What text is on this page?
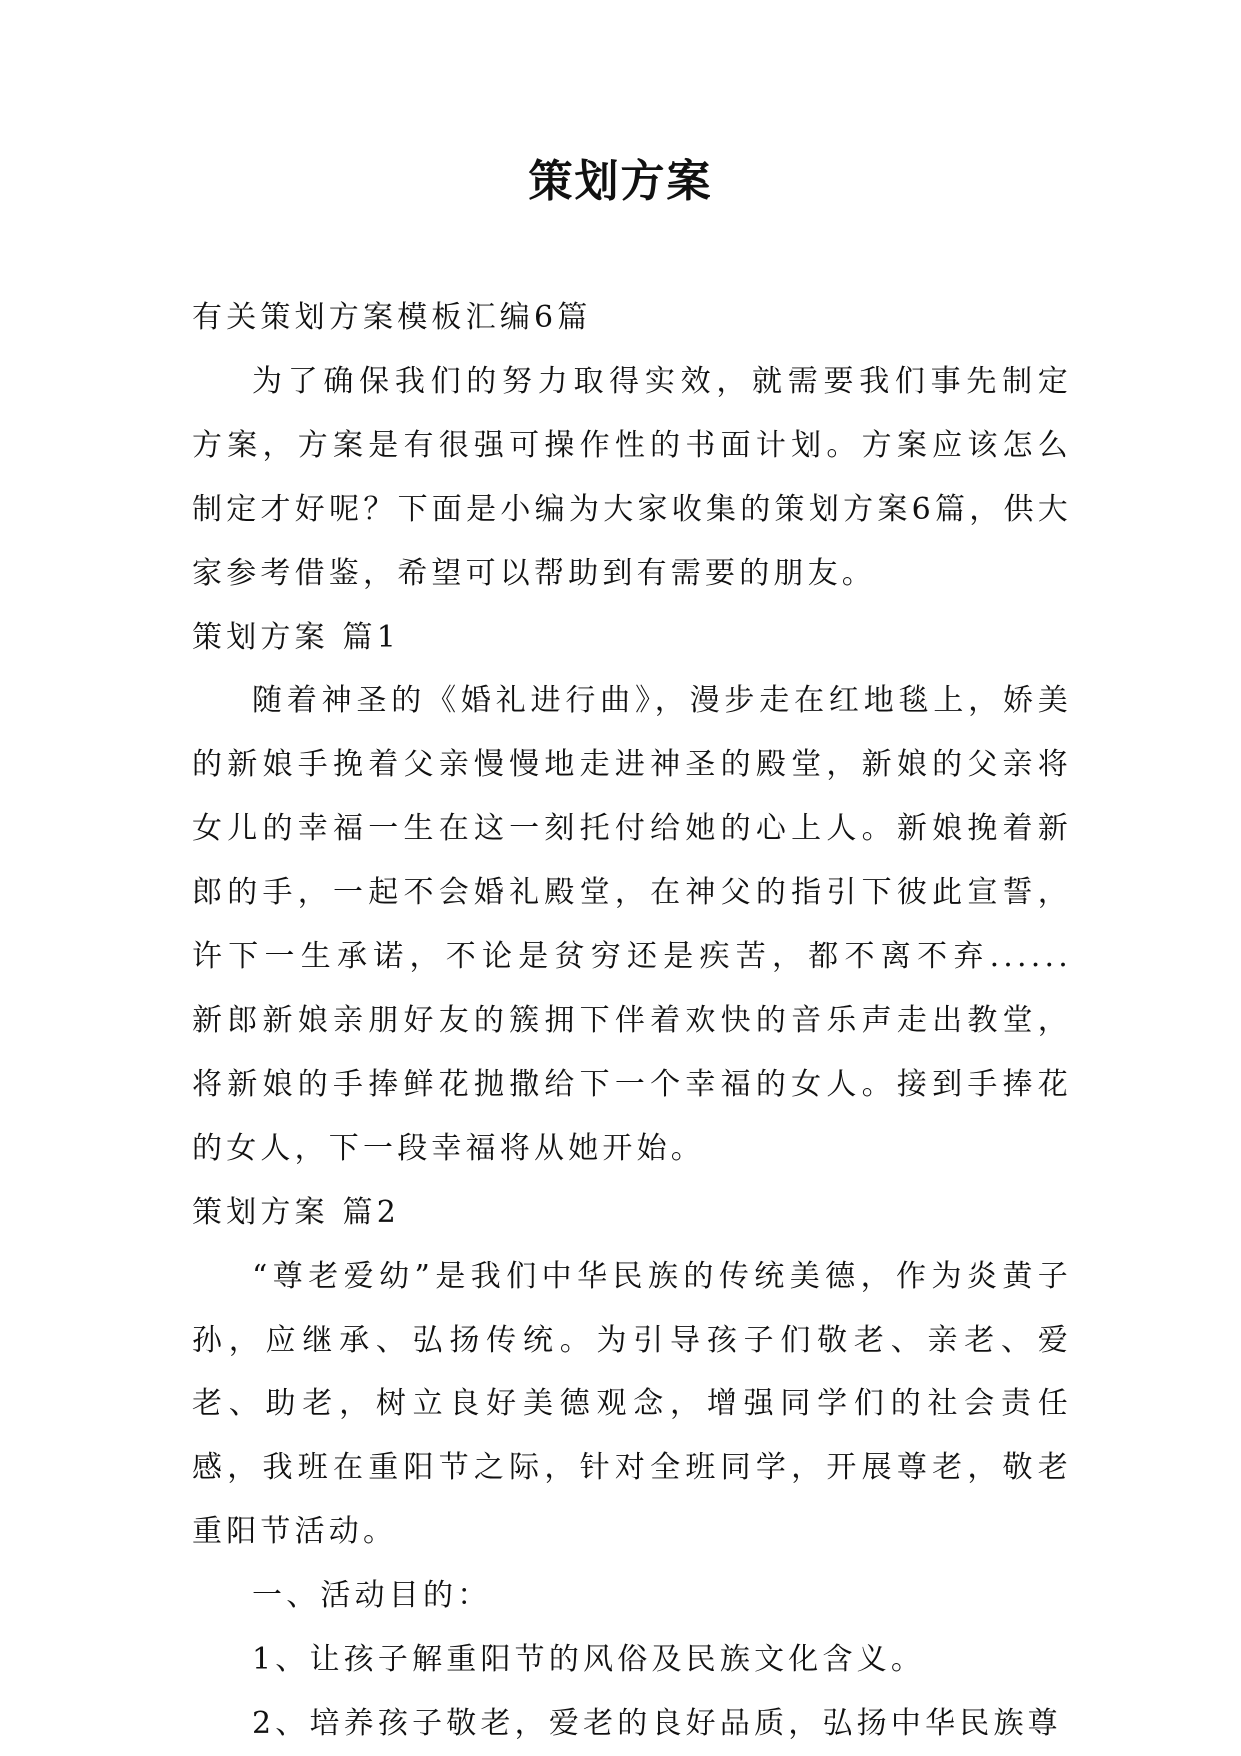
策划方案

有关策划方案模板汇编6篇

为了确保我们的努力取得实效，就需要我们事先制定方案，方案是有很强可操作性的书面计划。方案应该怎么制定才好呢？下面是小编为大家收集的策划方案6篇，供大家参考借鉴，希望可以帮助到有需要的朋友。

策划方案 篇1

随着神圣的《婚礼进行曲》，漫步走在红地毯上，娇美的新娘手挽着父亲慢慢地走进神圣的殿堂，新娘的父亲将女儿的幸福一生在这一刻托付给她的心上人。新娘挽着新郎的手，一起不会婚礼殿堂，在神父的指引下彼此宣誓，许下一生承诺，不论是贫穷还是疾苦，都不离不弃...... 新郎新娘亲朋好友的簇拥下伴着欢快的音乐声走出教堂，将新娘的手捧鲜花抛撒给下一个幸福的女人。接到手捧花的女人，下一段幸福将从她开始。

策划方案 篇2

“尊老爱幼”是我们中华民族的传统美德，作为炎黄子孙，应继承、弘扬传统。为引导孩子们敬老、亲老、爱老、助老，树立良好美德观念，增强同学们的社会责任感，我班在重阳节之际，针对全班同学，开展尊老，敬老重阳节活动。

一、活动目的：

1、让孩子解重阳节的风俗及民族文化含义。

2、培养孩子敬老，爱老的良好品质，弘扬中华民族尊
